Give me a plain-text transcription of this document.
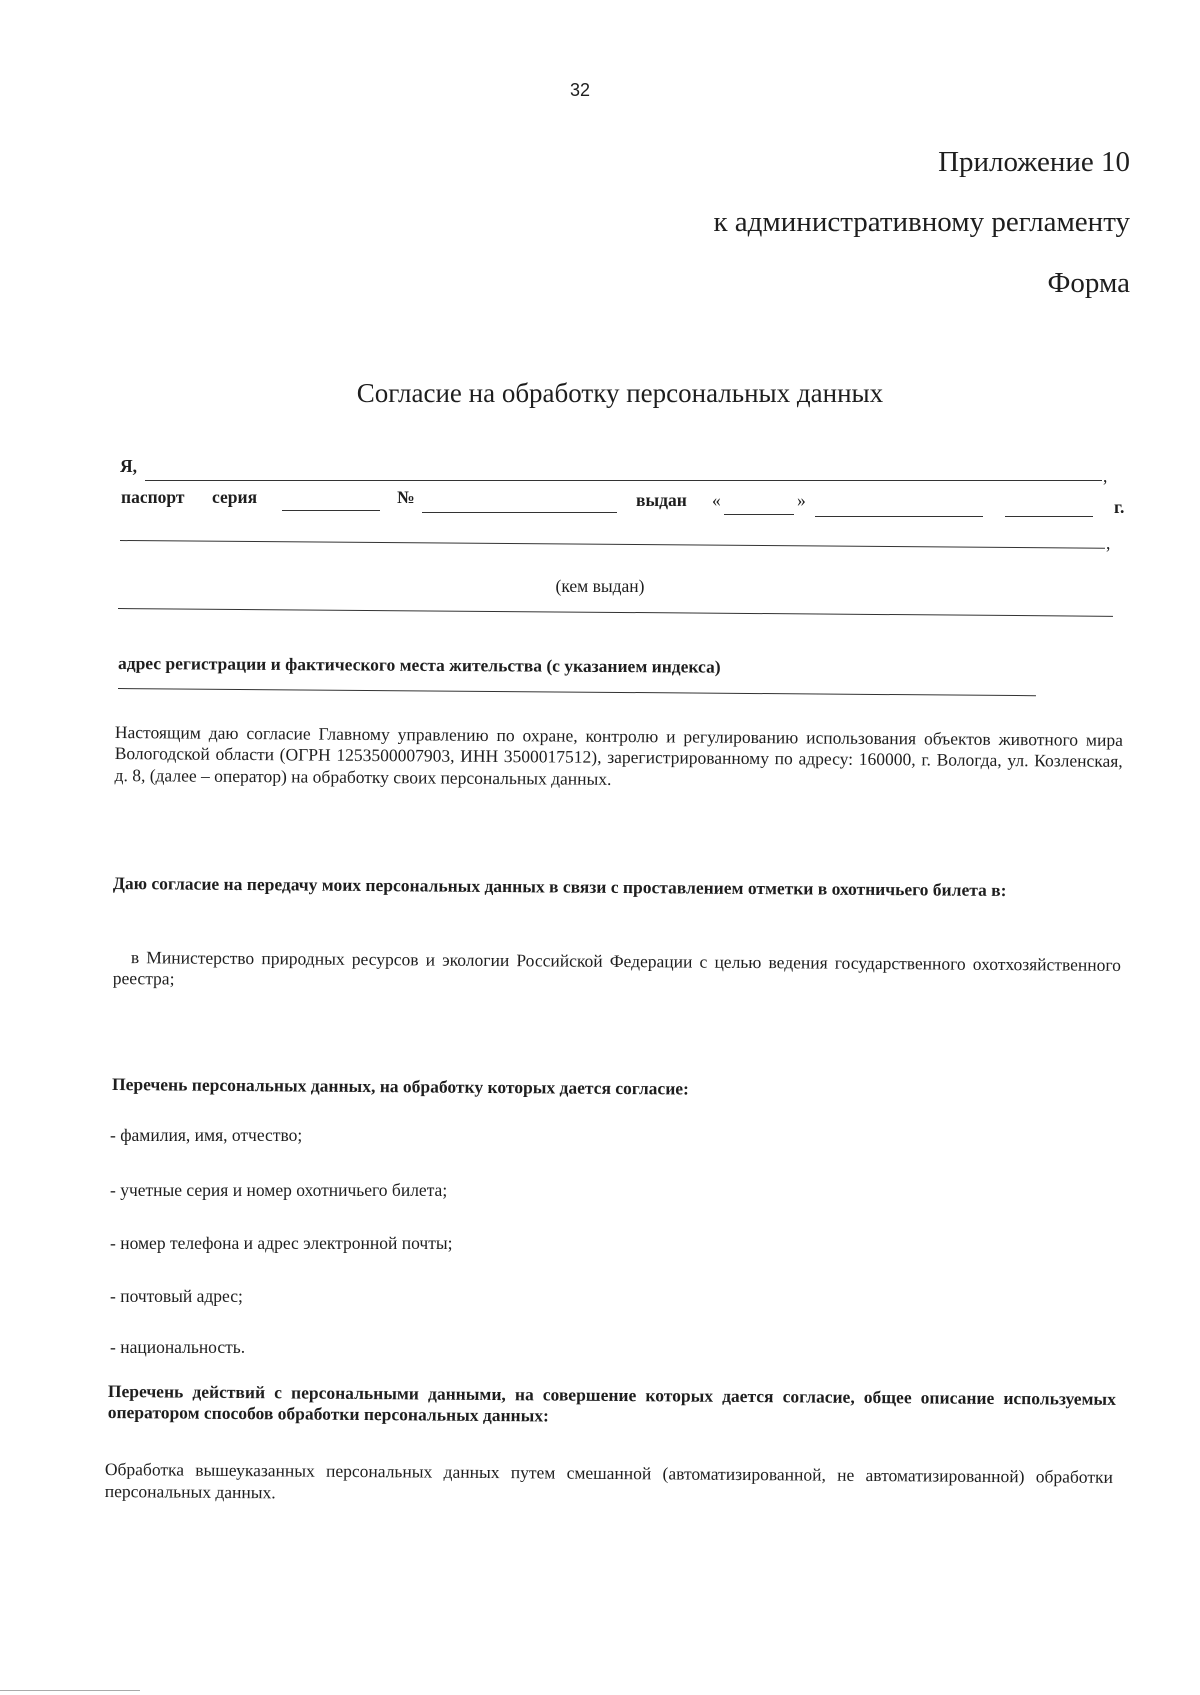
32
Приложение 10
к административному регламенту
Форма
Согласие на обработку персональных данных
Я,	,
паспорт серия	№	выдан «	»	г.
,
(кем выдан)
адрес регистрации и фактического места жительства (с указанием индекса)
Настоящим даю согласие Главному управлению по охране, контролю и регулированию использования объектов животного мира Вологодской области (ОГРН 1253500007903, ИНН 3500017512), зарегистрированному по адресу: 160000, г. Вологда, ул. Козленская, д. 8, (далее – оператор) на обработку своих персональных данных.
Даю согласие на передачу моих персональных данных в связи с проставлением отметки в охотничьего билета в:
в Министерство природных ресурсов и экологии Российской Федерации с целью ведения государственного охотхозяйственного реестра;
Перечень персональных данных, на обработку которых дается согласие:
- фамилия, имя, отчество;
- учетные серия и номер охотничьего билета;
- номер телефона и адрес электронной почты;
- почтовый адрес;
- национальность.
Перечень действий с персональными данными, на совершение которых дается согласие, общее описание используемых оператором способов обработки персональных данных:
Обработка вышеуказанных персональных данных путем смешанной (автоматизированной, не автоматизированной) обработки персональных данных.
